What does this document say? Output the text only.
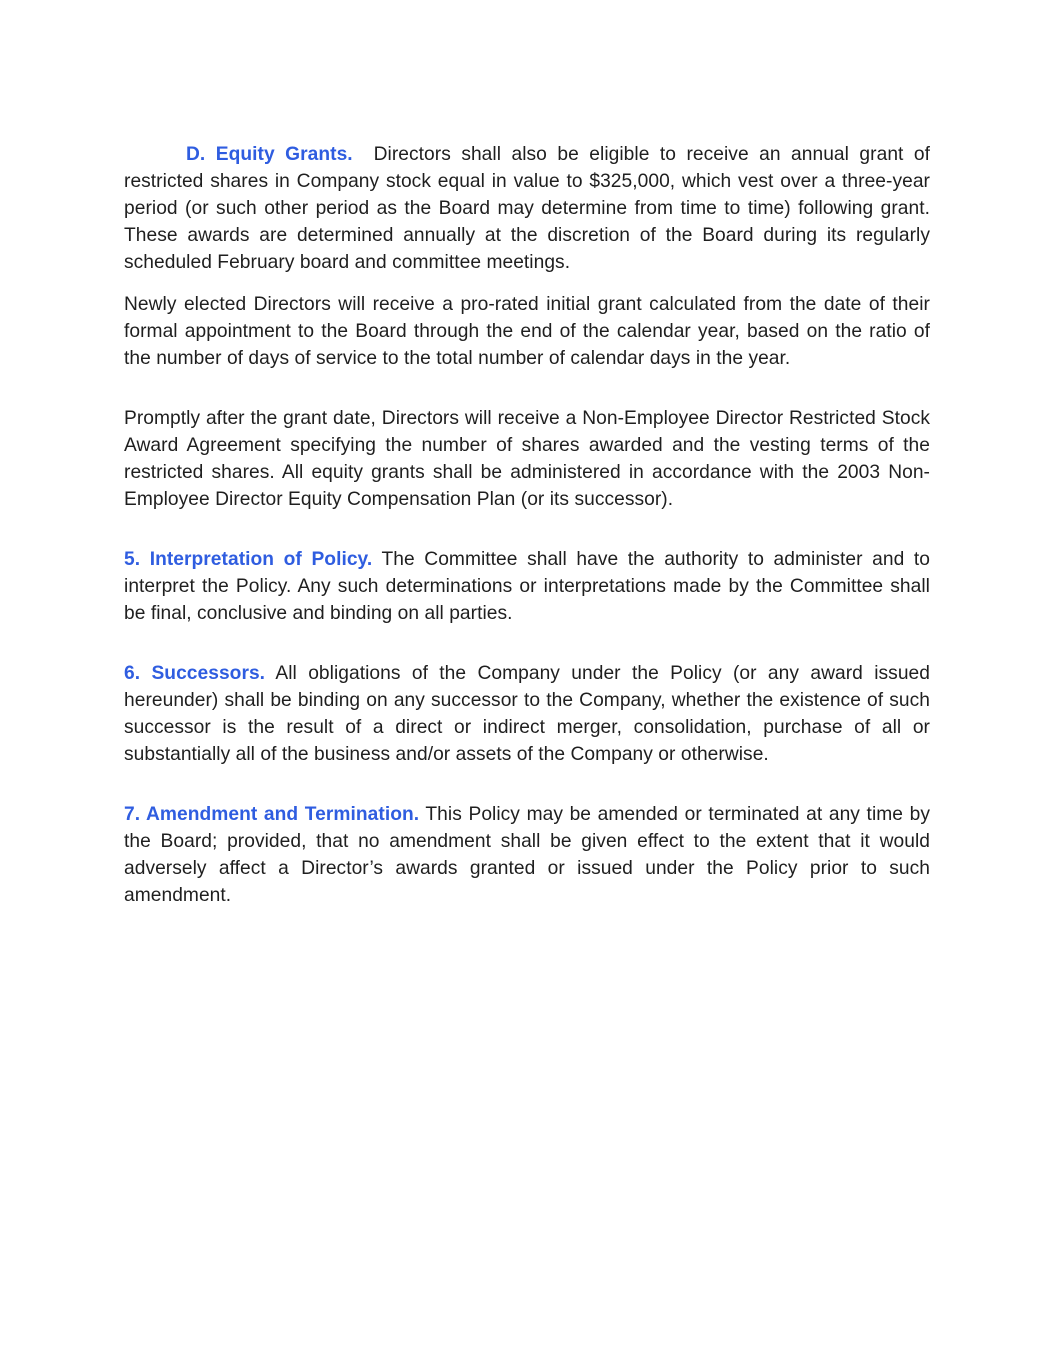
D. Equity Grants. Directors shall also be eligible to receive an annual grant of restricted shares in Company stock equal in value to $325,000, which vest over a three-year period (or such other period as the Board may determine from time to time) following grant. These awards are determined annually at the discretion of the Board during its regularly scheduled February board and committee meetings.

Newly elected Directors will receive a pro-rated initial grant calculated from the date of their formal appointment to the Board through the end of the calendar year, based on the ratio of the number of days of service to the total number of calendar days in the year.

Promptly after the grant date, Directors will receive a Non-Employee Director Restricted Stock Award Agreement specifying the number of shares awarded and the vesting terms of the restricted shares. All equity grants shall be administered in accordance with the 2003 Non-Employee Director Equity Compensation Plan (or its successor).

5. Interpretation of Policy. The Committee shall have the authority to administer and to interpret the Policy. Any such determinations or interpretations made by the Committee shall be final, conclusive and binding on all parties.

6. Successors. All obligations of the Company under the Policy (or any award issued hereunder) shall be binding on any successor to the Company, whether the existence of such successor is the result of a direct or indirect merger, consolidation, purchase of all or substantially all of the business and/or assets of the Company or otherwise.

7. Amendment and Termination. This Policy may be amended or terminated at any time by the Board; provided, that no amendment shall be given effect to the extent that it would adversely affect a Director’s awards granted or issued under the Policy prior to such amendment.
